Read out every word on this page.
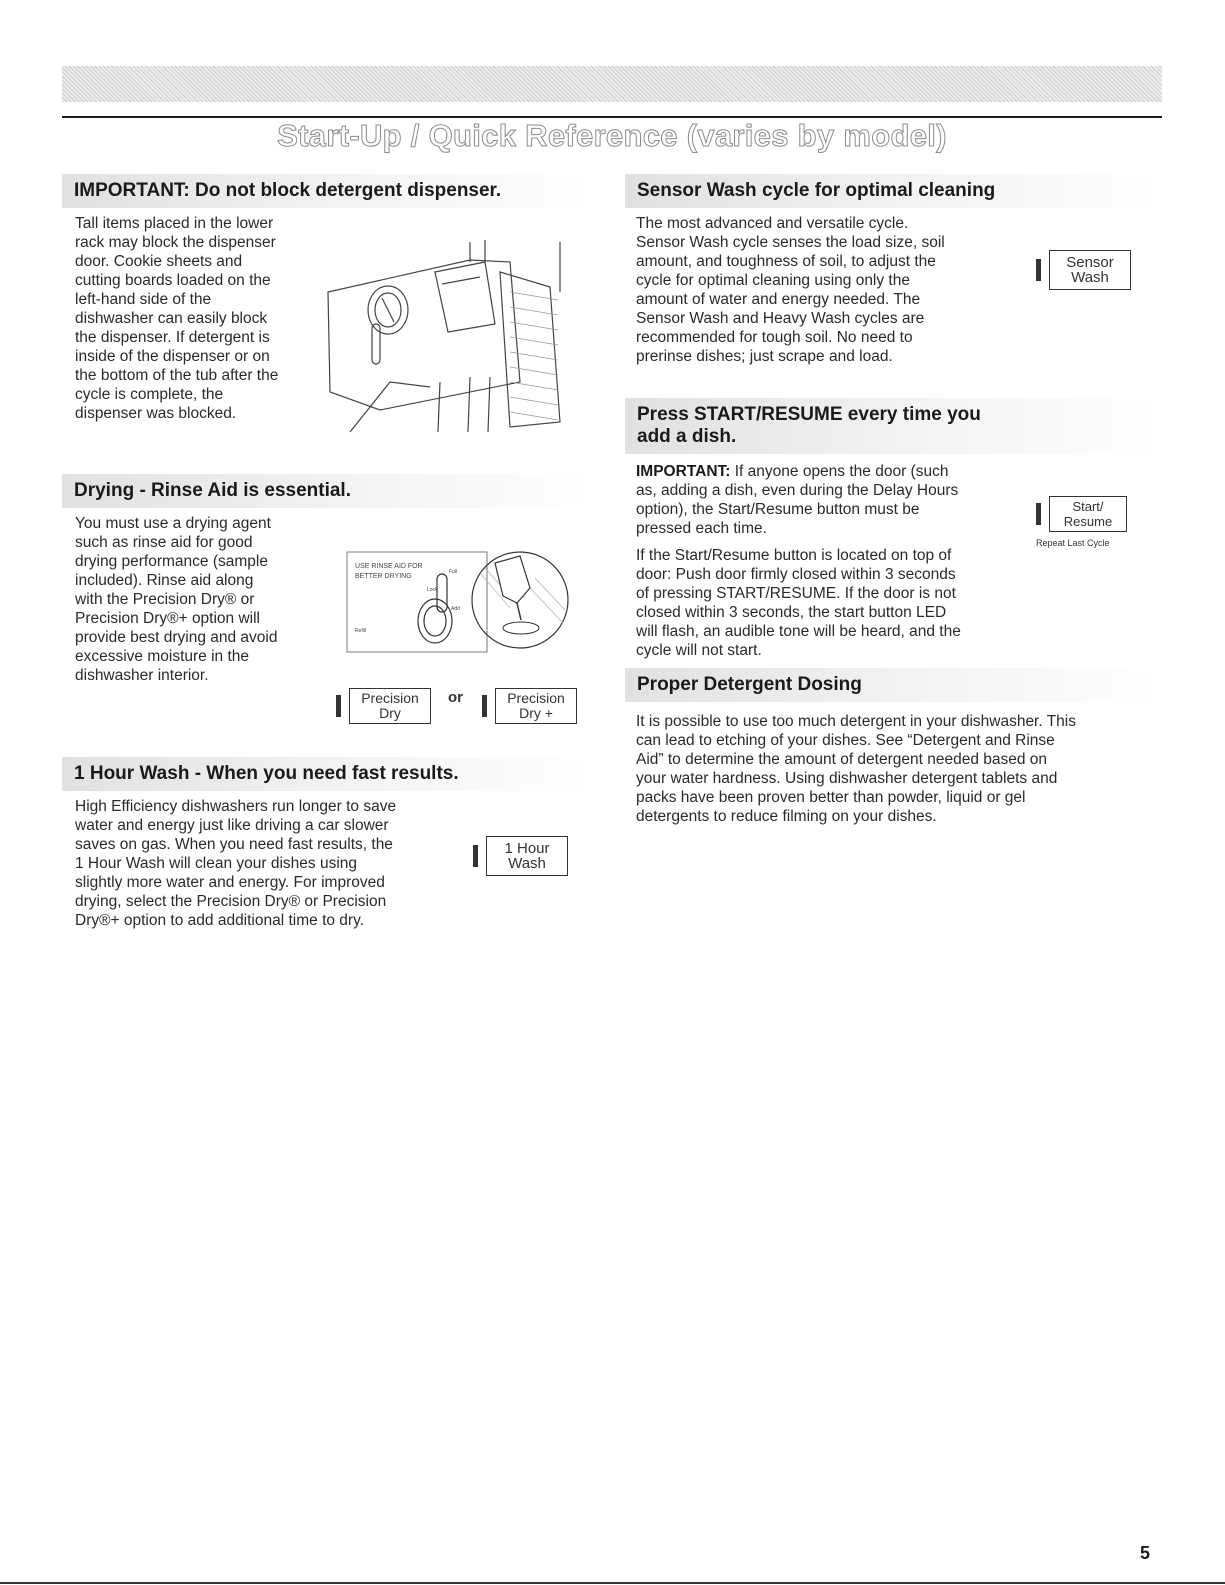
Start-Up / Quick Reference (varies by model)
IMPORTANT: Do not block detergent dispenser.
Tall items placed in the lower
rack may block the dispenser
door. Cookie sheets and
cutting boards loaded on the
left-hand side of the
dishwasher can easily block
the dispenser. If detergent is
inside of the dispenser or on
the bottom of the tub after the
cycle is complete, the
dispenser was blocked.
Drying - Rinse Aid is essential.
You must use a drying agent
such as rinse aid for good
drying performance (sample
included). Rinse aid along
with the Precision Dry® or
Precision Dry®+ option will
provide best drying and avoid
excessive moisture in the
dishwasher interior.
USE RINSE AID FOR
BETTER DRYING
Lock
Full
Add
Refill
Precision
Dry
or	Precision
Dry +
1 Hour Wash - When you need fast results.
High Efficiency dishwashers run longer to save
water and energy just like driving a car slower
saves on gas. When you need fast results, the
1 Hour Wash will clean your dishes using
slightly more water and energy. For improved
drying, select the Precision Dry® or Precision
Dry®+ option to add additional time to dry.
1 Hour
Wash
Sensor Wash cycle for optimal cleaning
The most advanced and versatile cycle.
Sensor Wash cycle senses the load size, soil
amount, and toughness of soil, to adjust the
cycle for optimal cleaning using only the
amount of water and energy needed. The
Sensor Wash and Heavy Wash cycles are
recommended for tough soil. No need to
prerinse dishes; just scrape and load.
Sensor
Wash
Press START/RESUME every time you
add a dish.

IMPORTANT: If anyone opens the door (such
as, adding a dish, even during the Delay Hours
option), the Start/Resume button must be
pressed each time.

If the Start/Resume button is located on top of
door: Push door firmly closed within 3 seconds
of pressing START/RESUME. If the door is not
closed within 3 seconds, the start button LED
will flash, an audible tone will be heard, and the
cycle will not start.

Start/
Resume
Repeat Last Cycle
Proper Detergent Dosing
It is possible to use too much detergent in your dishwasher. This
can lead to etching of your dishes. See “Detergent and Rinse
Aid” to determine the amount of detergent needed based on
your water hardness. Using dishwasher detergent tablets and
packs have been proven better than powder, liquid or gel
detergents to reduce filming on your dishes.
5
